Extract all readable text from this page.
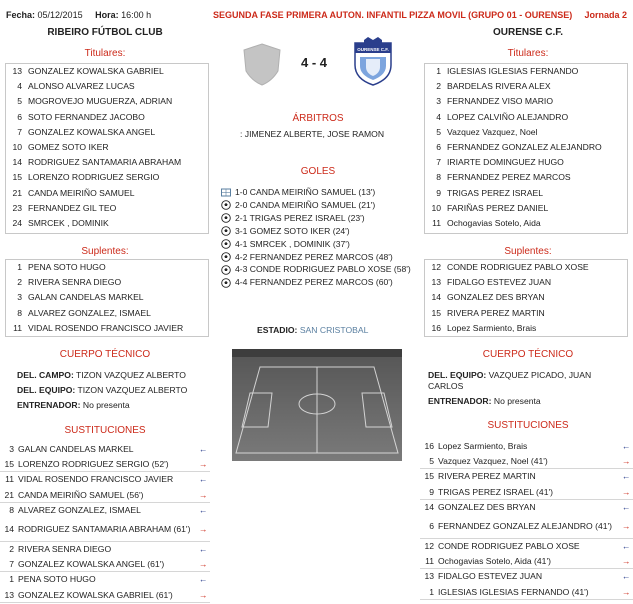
Fecha: 05/12/2015 Hora: 16:00 h	SEGUNDA FASE PRIMERA AUTON. INFANTIL PIZZA MOVIL (GRUPO 01 - OURENSE) Jornada 2
RIBEIRO FÚTBOL CLUB	OURENSE C.F.
Titulares:
13 GONZALEZ KOWALSKA GABRIEL
4 ALONSO ALVAREZ LUCAS
5 MOGROVEJO MUGUERZA, ADRIAN
6 SOTO FERNANDEZ JACOBO
7 GONZALEZ KOWALSKA ANGEL
10 GOMEZ SOTO IKER
14 RODRIGUEZ SANTAMARIA ABRAHAM
15 LORENZO RODRIGUEZ SERGIO
21 CANDA MEIRIÑO SAMUEL
23 FERNANDEZ GIL TEO
24 SMRCEK , DOMINIK
Titulares:
1 IGLESIAS IGLESIAS FERNANDO
2 BARDELAS RIVERA ALEX
3 FERNANDEZ VISO MARIO
4 LOPEZ CALVIÑO ALEJANDRO
5 Vazquez Vazquez, Noel
6 FERNANDEZ GONZALEZ ALEJANDRO
7 IRIARTE DOMINGUEZ HUGO
8 FERNANDEZ PEREZ MARCOS
9 TRIGAS PEREZ ISRAEL
10 FARIÑAS PEREZ DANIEL
11 Ochogavias Sotelo, Aida
Suplentes:
1 PENA SOTO HUGO
2 RIVERA SENRA DIEGO
3 GALAN CANDELAS MARKEL
8 ALVAREZ GONZALEZ, ISMAEL
11 VIDAL ROSENDO FRANCISCO JAVIER
Suplentes:
12 CONDE RODRIGUEZ PABLO XOSE
13 FIDALGO ESTEVEZ JUAN
14 GONZALEZ DES BRYAN
15 RIVERA PEREZ MARTIN
16 Lopez Sarmiento, Brais
4 - 4
OURENSE C.F.
ÁRBITROS
: JIMENEZ ALBERTE, JOSE RAMON
GOLES
1-0 CANDA MEIRIÑO SAMUEL (13')
2-0 CANDA MEIRIÑO SAMUEL (21')
2-1 TRIGAS PEREZ ISRAEL (23')
3-1 GOMEZ SOTO IKER (24')
4-1 SMRCEK , DOMINIK (37')
4-2 FERNANDEZ PEREZ MARCOS (48')
4-3 CONDE RODRIGUEZ PABLO XOSE (58')
4-4 FERNANDEZ PEREZ MARCOS (60')
ESTADIO: SAN CRISTOBAL
CUERPO TÉCNICO
DEL. CAMPO: TIZON VAZQUEZ ALBERTO
DEL. EQUIPO: TIZON VAZQUEZ ALBERTO
ENTRENADOR: No presenta
CUERPO TÉCNICO
DEL. EQUIPO: VAZQUEZ PICADO, JUAN CARLOS
ENTRENADOR: No presenta
SUSTITUCIONES
3 GALAN CANDELAS MARKEL	←
15 LORENZO RODRIGUEZ SERGIO (52')	→
11 VIDAL ROSENDO FRANCISCO JAVIER	←
21 CANDA MEIRIÑO SAMUEL (56')	→
8 ALVAREZ GONZALEZ, ISMAEL	←
14 RODRIGUEZ SANTAMARIA ABRAHAM (61') →
2 RIVERA SENRA DIEGO	←
7 GONZALEZ KOWALSKA ANGEL (61')	→
1 PENA SOTO HUGO	←
13 GONZALEZ KOWALSKA GABRIEL (61')	→
SUSTITUCIONES
16 Lopez Sarmiento, Brais	←
5 Vazquez Vazquez, Noel (41')	→
15 RIVERA PEREZ MARTIN	←
9 TRIGAS PEREZ ISRAEL (41')	→
14 GONZALEZ DES BRYAN	←
6 FERNANDEZ GONZALEZ ALEJANDRO (41')	→
12 CONDE RODRIGUEZ PABLO XOSE	←
11 Ochogavias Sotelo, Aida (41')	→
13 FIDALGO ESTEVEZ JUAN	←
1 IGLESIAS IGLESIAS FERNANDO (41')	→
